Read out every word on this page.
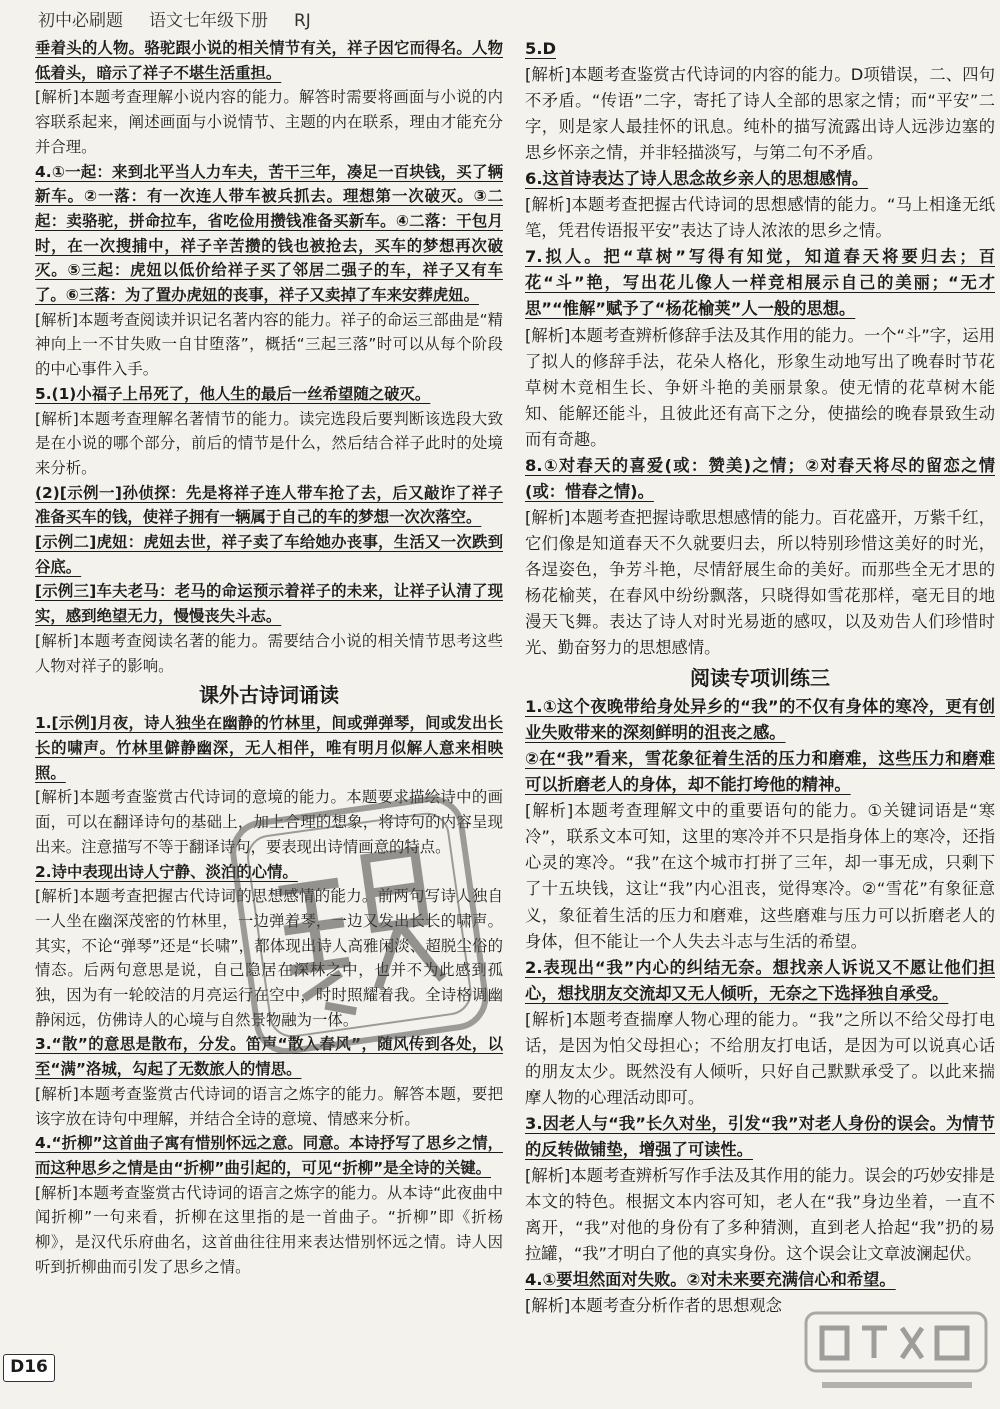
初中必刷题 语文七年级下册 RJ

垂着头的人物。骆驼跟小说的相关情节有关，祥子因它而得名。人物低着头，暗示了祥子不堪生活重担。

[解析]本题考查理解小说内容的能力。解答时需要将画面与小说的内容联系起来，阐述画面与小说情节、主题的内在联系，理由才能充分并合理。

4.①一起：来到北平当人力车夫，苦干三年，凑足一百块钱，买了辆新车。②一落：有一次连人带车被兵抓去。理想第一次破灭。③二起：卖骆驼，拼命拉车，省吃俭用攒钱准备买新车。④二落：干包月时，在一次搜捕中，祥子辛苦攒的钱也被抢去，买车的梦想再次破灭。⑤三起：虎妞以低价给祥子买了邻居二强子的车，祥子又有车了。⑥三落：为了置办虎妞的丧事，祥子又卖掉了车来安葬虎妞。

[解析]本题考查阅读并识记名著内容的能力。祥子的命运三部曲是“精神向上一不甘失败一自甘堕落”，概括“三起三落”时可以从每个阶段的中心事件入手。

5.(1)小福子上吊死了，他人生的最后一丝希望随之破灭。

[解析]本题考查理解名著情节的能力。读完选段后要判断该选段大致是在小说的哪个部分，前后的情节是什么，然后结合祥子此时的处境来分析。

(2)[示例一]孙侦探：先是将祥子连人带车抢了去，后又敲诈了祥子准备买车的钱，使祥子拥有一辆属于自己的车的梦想一次次落空。

[示例二]虎妞：虎妞去世，祥子卖了车给她办丧事，生活又一次跌到谷底。

[示例三]车夫老马：老马的命运预示着祥子的未来，让祥子认清了现实，感到绝望无力，慢慢丧失斗志。

[解析]本题考查阅读名著的能力。需要结合小说的相关情节思考这些人物对祥子的影响。

课外古诗词诵读

1.[示例]月夜，诗人独坐在幽静的竹林里，间或弹弹琴，间或发出长长的啸声。竹林里僻静幽深，无人相伴，唯有明月似解人意来相映照。

[解析]本题考查鉴赏古代诗词的意境的能力。本题要求描绘诗中的画面，可以在翻译诗句的基础上，加上合理的想象，将诗句的内容呈现出来。注意描写不等于翻译诗句，要表现出诗情画意的特点。

2.诗中表现出诗人宁静、淡泊的心情。

[解析]本题考查把握古代诗词的思想感情的能力。前两句写诗人独自一人坐在幽深茂密的竹林里，一边弹着琴，一边又发出长长的啸声。其实，不论“弹琴”还是“长啸”，都体现出诗人高雅闲淡、超脱尘俗的情态。后两句意思是说，自己隐居在深林之中，也并不为此感到孤独，因为有一轮皎洁的月亮运行在空中，时时照耀着我。全诗格调幽静闲远，仿佛诗人的心境与自然景物融为一体。

3.“散”的意思是散布，分发。笛声“散入春风”，随风传到各处，以至“满”洛城，勾起了无数旅人的情思。

[解析]本题考查鉴赏古代诗词的语言之炼字的能力。解答本题，要把该字放在诗句中理解，并结合全诗的意境、情感来分析。

4.“折柳”这首曲子寓有惜别怀远之意。同意。本诗抒写了思乡之情，而这种思乡之情是由“折柳”曲引起的，可见“折柳”是全诗的关键。

[解析]本题考查鉴赏古代诗词的语言之炼字的能力。从本诗“此夜曲中闻折柳”一句来看，折柳在这里指的是一首曲子。“折柳”即《折杨柳》，是汉代乐府曲名，这首曲往往用来表达惜别怀远之情。诗人因听到折柳曲而引发了思乡之情。

5.D

[解析]本题考查鉴赏古代诗词的内容的能力。D项错误，二、四句不矛盾。“传语”二字，寄托了诗人全部的思家之情；而“平安”二字，则是家人最挂怀的讯息。纯朴的描写流露出诗人远涉边塞的思乡怀亲之情，并非轻描淡写，与第二句不矛盾。

6.这首诗表达了诗人思念故乡亲人的思想感情。

[解析]本题考查把握古代诗词的思想感情的能力。“马上相逢无纸笔，凭君传语报平安”表达了诗人浓浓的思乡之情。

7.拟人。把“草树”写得有知觉，知道春天将要归去；百花“斗”艳，写出花儿像人一样竞相展示自己的美丽；“无才思”“惟解”赋予了“杨花榆荚”人一般的思想。

[解析]本题考查辨析修辞手法及其作用的能力。一个“斗”字，运用了拟人的修辞手法，花朵人格化，形象生动地写出了晚春时节花草树木竞相生长、争妍斗艳的美丽景象。使无情的花草树木能知、能解还能斗，且彼此还有高下之分，使描绘的晚春景致生动而有奇趣。

8.①对春天的喜爱(或：赞美)之情；②对春天将尽的留恋之情(或：惜春之情)。

[解析]本题考查把握诗歌思想感情的能力。百花盛开，万紫千红，它们像是知道春天不久就要归去，所以特别珍惜这美好的时光，各逞姿色，争芳斗艳，尽情舒展生命的美好。而那些全无才思的杨花榆荚，在春风中纷纷飘落，只晓得如雪花那样，毫无目的地漫天飞舞。表达了诗人对时光易逝的感叹，以及劝告人们珍惜时光、勤奋努力的思想感情。

阅读专项训练三

1.①这个夜晚带给身处异乡的“我”的不仅有身体的寒冷，更有创业失败带来的深刻鲜明的沮丧之感。

②在“我”看来，雪花象征着生活的压力和磨难，这些压力和磨难可以折磨老人的身体，却不能打垮他的精神。

[解析]本题考查理解文中的重要语句的能力。①关键词语是“寒冷”，联系文本可知，这里的寒冷并不只是指身体上的寒冷，还指心灵的寒冷。“我”在这个城市打拼了三年，却一事无成，只剩下了十五块钱，这让“我”内心沮丧，觉得寒冷。②“雪花”有象征意义，象征着生活的压力和磨难，这些磨难与压力可以折磨老人的身体，但不能让一个人失去斗志与生活的希望。

2.表现出“我”内心的纠结无奈。想找亲人诉说又不愿让他们担心，想找朋友交流却又无人倾听，无奈之下选择独自承受。

[解析]本题考查揣摩人物心理的能力。“我”之所以不给父母打电话，是因为怕父母担心；不给朋友打电话，是因为可以说真心话的朋友太少。既然没有人倾听，只好自己默默承受了。以此来揣摩人物的心理活动即可。

3.因老人与“我”长久对坐，引发“我”对老人身份的误会。为情节的反转做铺垫，增强了可读性。

[解析]本题考查辨析写作手法及其作用的能力。误会的巧妙安排是本文的特色。根据文本内容可知，老人在“我”身边坐着，一直不离开，“我”对他的身份有了多种猜测，直到老人拾起“我”扔的易拉罐，“我”才明白了他的真实身份。这个误会让文章波澜起伏。

4.①要坦然面对失败。②对未来要充满信心和希望。

[解析]本题考查分析作者的思想观念

D16
